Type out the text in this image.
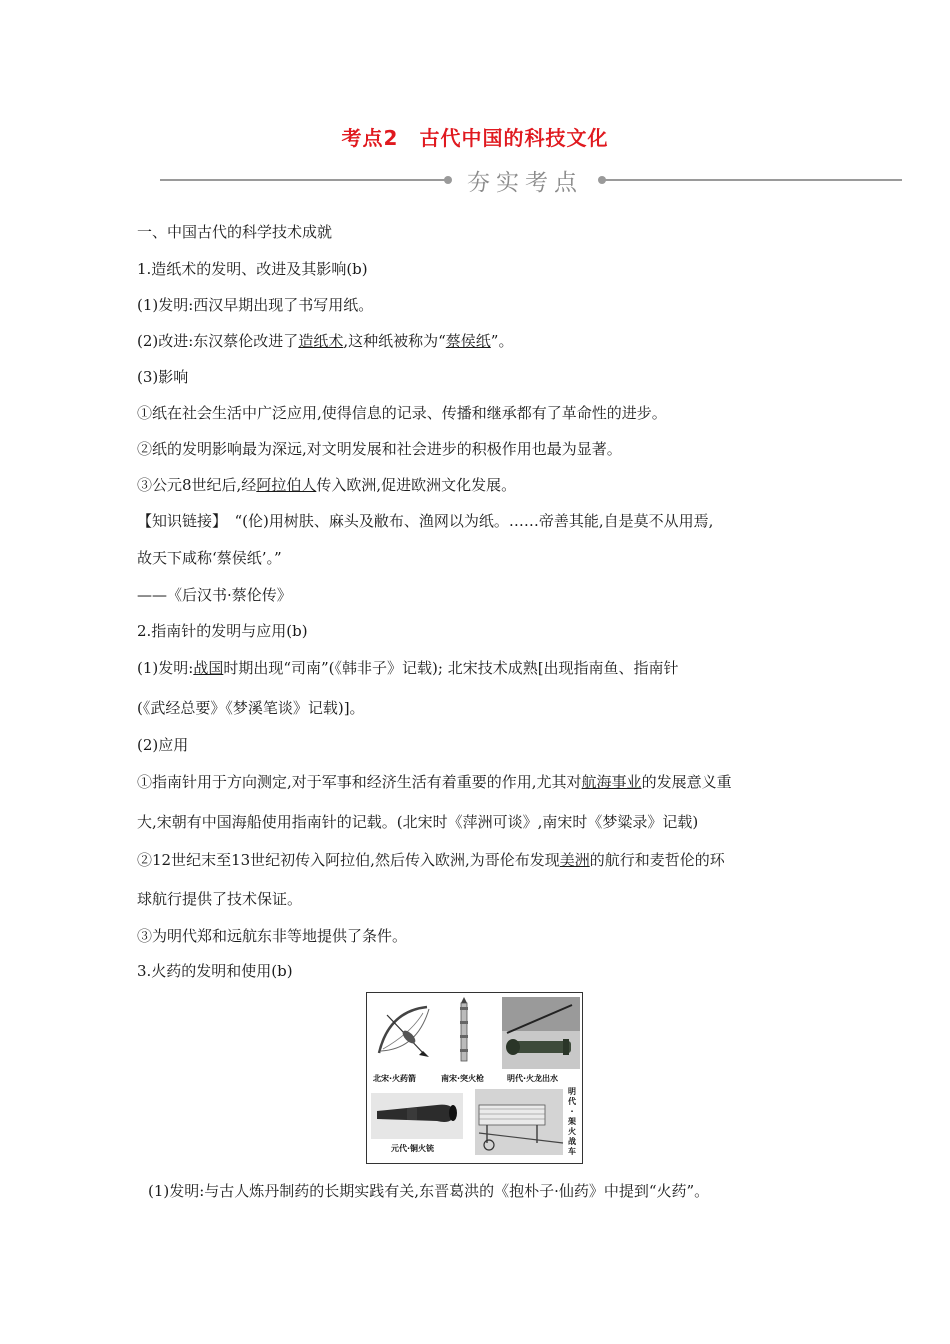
考点2　古代中国的科技文化
夯实考点
一、中国古代的科学技术成就
1.造纸术的发明、改进及其影响(b)
(1)发明:西汉早期出现了书写用纸。
(2)改进:东汉蔡伦改进了造纸术,这种纸被称为“蔡侯纸”。
(3)影响
①纸在社会生活中广泛应用,使得信息的记录、传播和继承都有了革命性的进步。
②纸的发明影响最为深远,对文明发展和社会进步的积极作用也最为显著。
③公元8世纪后,经阿拉伯人传入欧洲,促进欧洲文化发展。
【知识链接】　“(伦)用树肤、麻头及敝布、渔网以为纸。……帝善其能,自是莫不从用焉,
故天下咸称‘蔡侯纸’。”
——《后汉书·蔡伦传》
2.指南针的发明与应用(b)
(1)发明:战国时期出现“司南”(《韩非子》记载); 北宋技术成熟[出现指南鱼、指南针
(《武经总要》《梦溪笔谈》记载)]。
(2)应用
①指南针用于方向测定,对于军事和经济生活有着重要的作用,尤其对航海事业的发展意义重
大,宋朝有中国海船使用指南针的记载。(北宋时《萍洲可谈》,南宋时《梦粱录》记载)
②12世纪末至13世纪初传入阿拉伯,然后传入欧洲,为哥伦布发现美洲的航行和麦哲伦的环
球航行提供了技术保证。
③为明代郑和远航东非等地提供了条件。
3.火药的发明和使用(b)
北宋·火药箭	南宋·突火枪	明代·火龙出水
元代·铜火铳
明代·架火战车
(1)发明:与古人炼丹制药的长期实践有关,东晋葛洪的《抱朴子·仙药》中提到“火药”。
